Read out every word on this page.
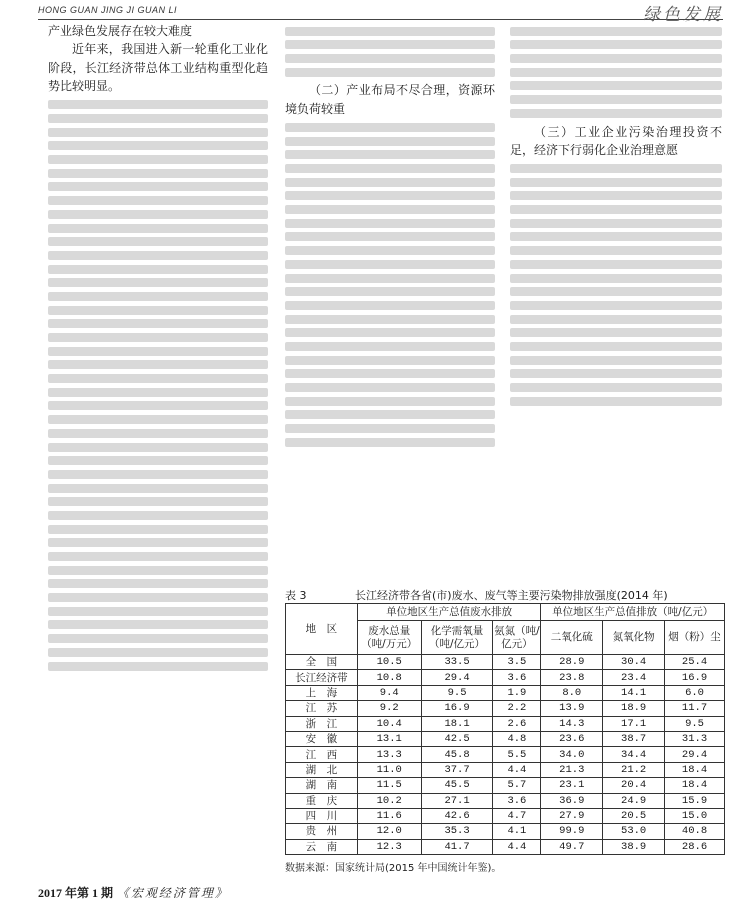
HONG GUAN JING JI GUAN LI	绿色发展

产业绿色发展存在较大难度

近年来，我国进入新一轮重化工业化阶段，长江经济带总体工业结构重型化趋势比较明显。	（二）产业布局不尽合理，资源环境负荷较重

（三）工业企业污染治理投资不足，经济下行弱化企业治理意愿

表 3	长江经济带各省(市)废水、废气等主要污染物排放强度(2014 年)
地　区	单位地区生产总值废水排放			单位地区生产总值排放（吨/亿元）		
	废水总量（吨/万元）	化学需氧量（吨/亿元）	氨氮（吨/亿元）	二氧化硫	氮氧化物	烟（粉）尘
全　国	10.5	33.5	3.5	28.9	30.4	25.4
长江经济带	10.8	29.4	3.6	23.8	23.4	16.9
上　海	9.4	9.5	1.9	8.0	14.1	6.0
江　苏	9.2	16.9	2.2	13.9	18.9	11.7
浙　江	10.4	18.1	2.6	14.3	17.1	9.5
安　徽	13.1	42.5	4.8	23.6	38.7	31.3
江　西	13.3	45.8	5.5	34.0	34.4	29.4
湖　北	11.0	37.7	4.4	21.3	21.2	18.4
湖　南	11.5	45.5	5.7	23.1	20.4	18.4
重　庆	10.2	27.1	3.6	36.9	24.9	15.9
四　川	11.6	42.6	4.7	27.9	20.5	15.0
贵　州	12.0	35.3	4.1	99.9	53.0	40.8
云　南	12.3	41.7	4.4	49.7	38.9	28.6
数据来源：国家统计局(2015 年中国统计年鉴)。
2017 年第 1 期 《宏观经济管理》
